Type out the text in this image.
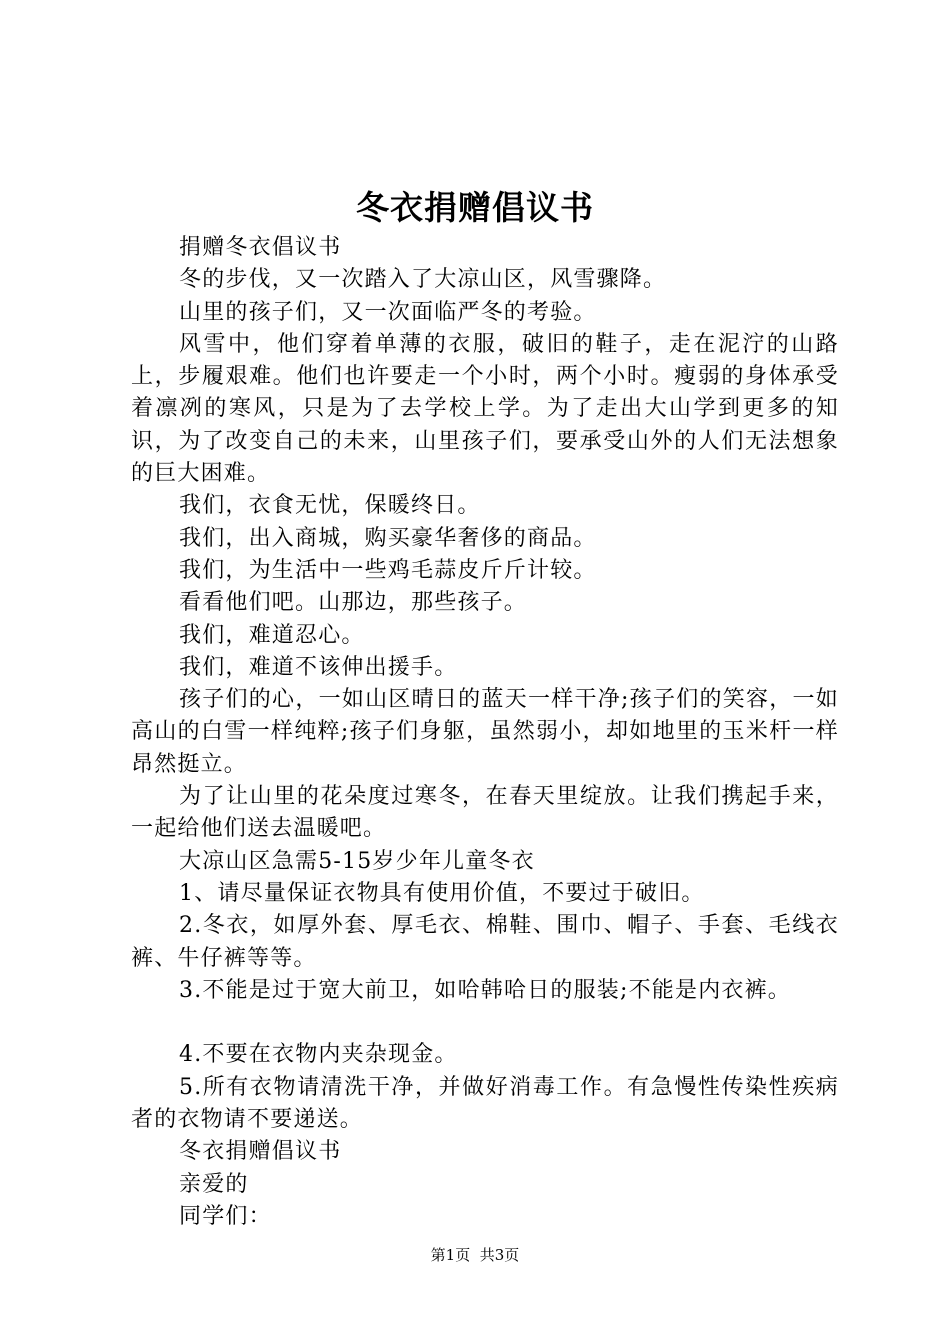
冬衣捐赠倡议书

捐赠冬衣倡议书

冬的步伐，又一次踏入了大凉山区，风雪骤降。

山里的孩子们，又一次面临严冬的考验。

风雪中，他们穿着单薄的衣服，破旧的鞋子，走在泥泞的山路上，步履艰难。他们也许要走一个小时，两个小时。瘦弱的身体承受着凛冽的寒风，只是为了去学校上学。为了走出大山学到更多的知识，为了改变自己的未来，山里孩子们，要承受山外的人们无法想象的巨大困难。

我们，衣食无忧，保暖终日。

我们，出入商城，购买豪华奢侈的商品。

我们，为生活中一些鸡毛蒜皮斤斤计较。

看看他们吧。山那边，那些孩子。

我们，难道忍心。

我们，难道不该伸出援手。

孩子们的心，一如山区晴日的蓝天一样干净;孩子们的笑容，一如高山的白雪一样纯粹;孩子们身躯，虽然弱小，却如地里的玉米杆一样昂然挺立。

为了让山里的花朵度过寒冬，在春天里绽放。让我们携起手来，一起给他们送去温暖吧。

大凉山区急需5-15岁少年儿童冬衣

1、请尽量保证衣物具有使用价值，不要过于破旧。

2.冬衣，如厚外套、厚毛衣、棉鞋、围巾、帽子、手套、毛线衣裤、牛仔裤等等。

3.不能是过于宽大前卫，如哈韩哈日的服装;不能是内衣裤。

4.不要在衣物内夹杂现金。

5.所有衣物请清洗干净，并做好消毒工作。有急慢性传染性疾病者的衣物请不要递送。

冬衣捐赠倡议书

亲爱的

同学们：

第1页 共3页
